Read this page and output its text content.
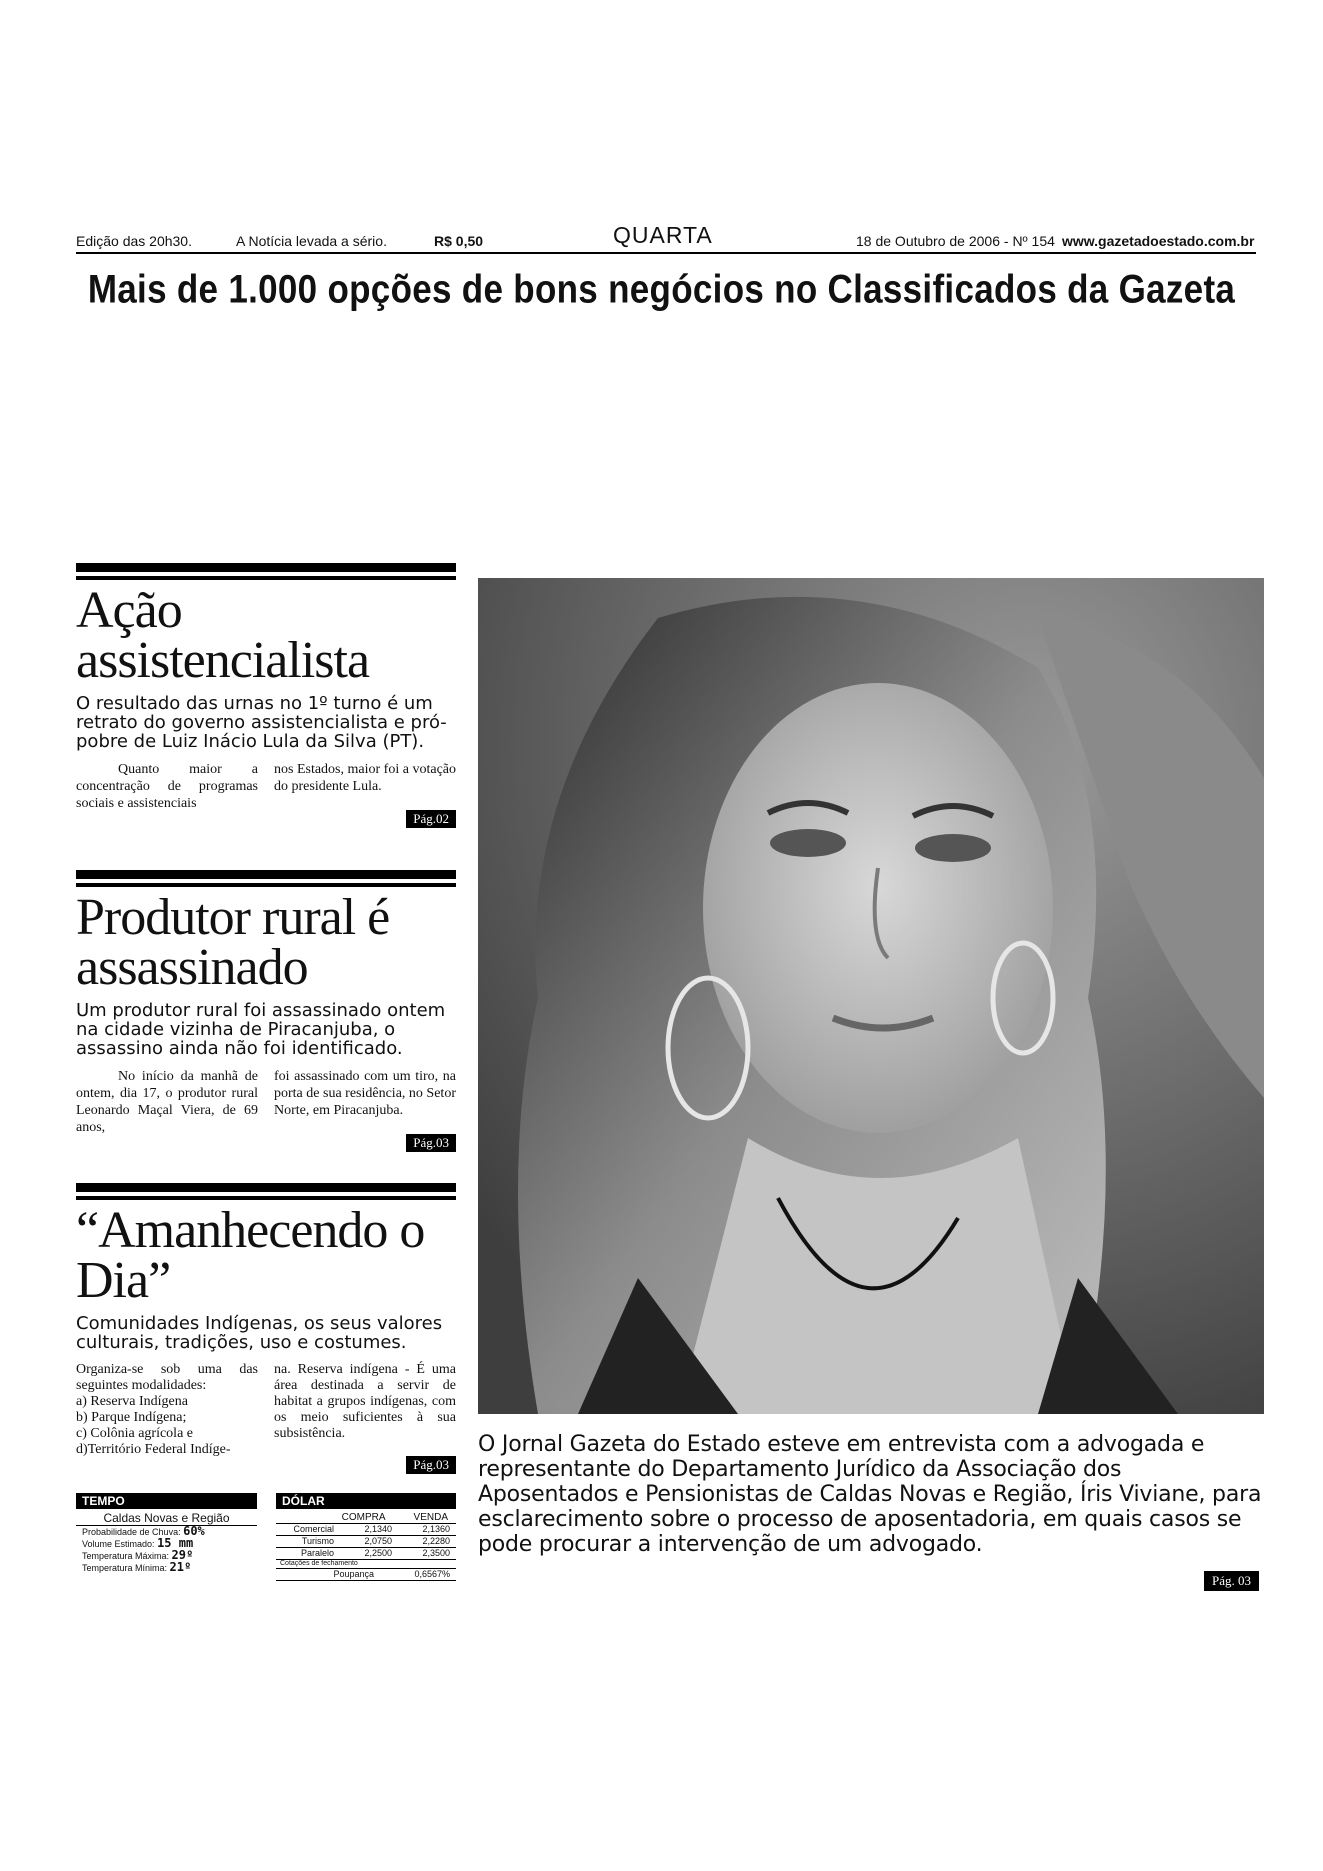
Edição das 20h30.	A Notícia levada a sério.	R$ 0,50	QUARTA	18 de Outubro de 2006 - Nº 154 www.gazetadoestado.com.br
Mais de 1.000 opções de bons negócios no Classificados da Gazeta
Ação assistencialista
O resultado das urnas no 1º turno é um retrato do governo assistencialista e pró-pobre de Luiz Inácio Lula da Silva (PT).

Quanto maior a concentração de programas sociais e assistenciais

nos Estados, maior foi a votação do presidente Lula.

Pág.02
Produtor rural é assassinado
Um produtor rural foi assassinado ontem na cidade vizinha de Piracanjuba, o assassino ainda não foi identificado.

No início da manhã de ontem, dia 17, o produtor rural Leonardo Maçal Viera, de 69 anos,

foi assassinado com um tiro, na porta de sua residência, no Setor Norte, em Piracanjuba.

Pág.03
“Amanhecendo o Dia”
Comunidades Indígenas, os seus valores culturais, tradições, uso e costumes.

Organiza-se sob uma das seguintes modalidades:

a) Reserva Indígena
b) Parque Indígena;
c) Colônia agrícola e
d)Território Federal Indíge-

na. Reserva indígena - É uma área destinada a servir de habitat a grupos indígenas, com os meio suficientes à sua subsistência.

Pág.03
TEMPO
Caldas Novas e Região
Probabilidade de Chuva: 60%
Volume Estimado: 15 mm
Temperatura Máxima: 29º
Temperatura Mínima: 21º
DÓLAR
COMPRA	VENDA
Comercial	2,1340	2,1360
Turismo	2,0750	2,2280
Paralelo	2,2500	2,3500
Cotações de fechamento
Poupança	0,6567%
O Jornal Gazeta do Estado esteve em entrevista com a advogada e representante do Departamento Jurídico da Associação dos Aposentados e Pensionistas de Caldas Novas e Região, Íris Viviane, para esclarecimento sobre o processo de aposentadoria, em quais casos se pode procurar a intervenção de um advogado.
Pág. 03
